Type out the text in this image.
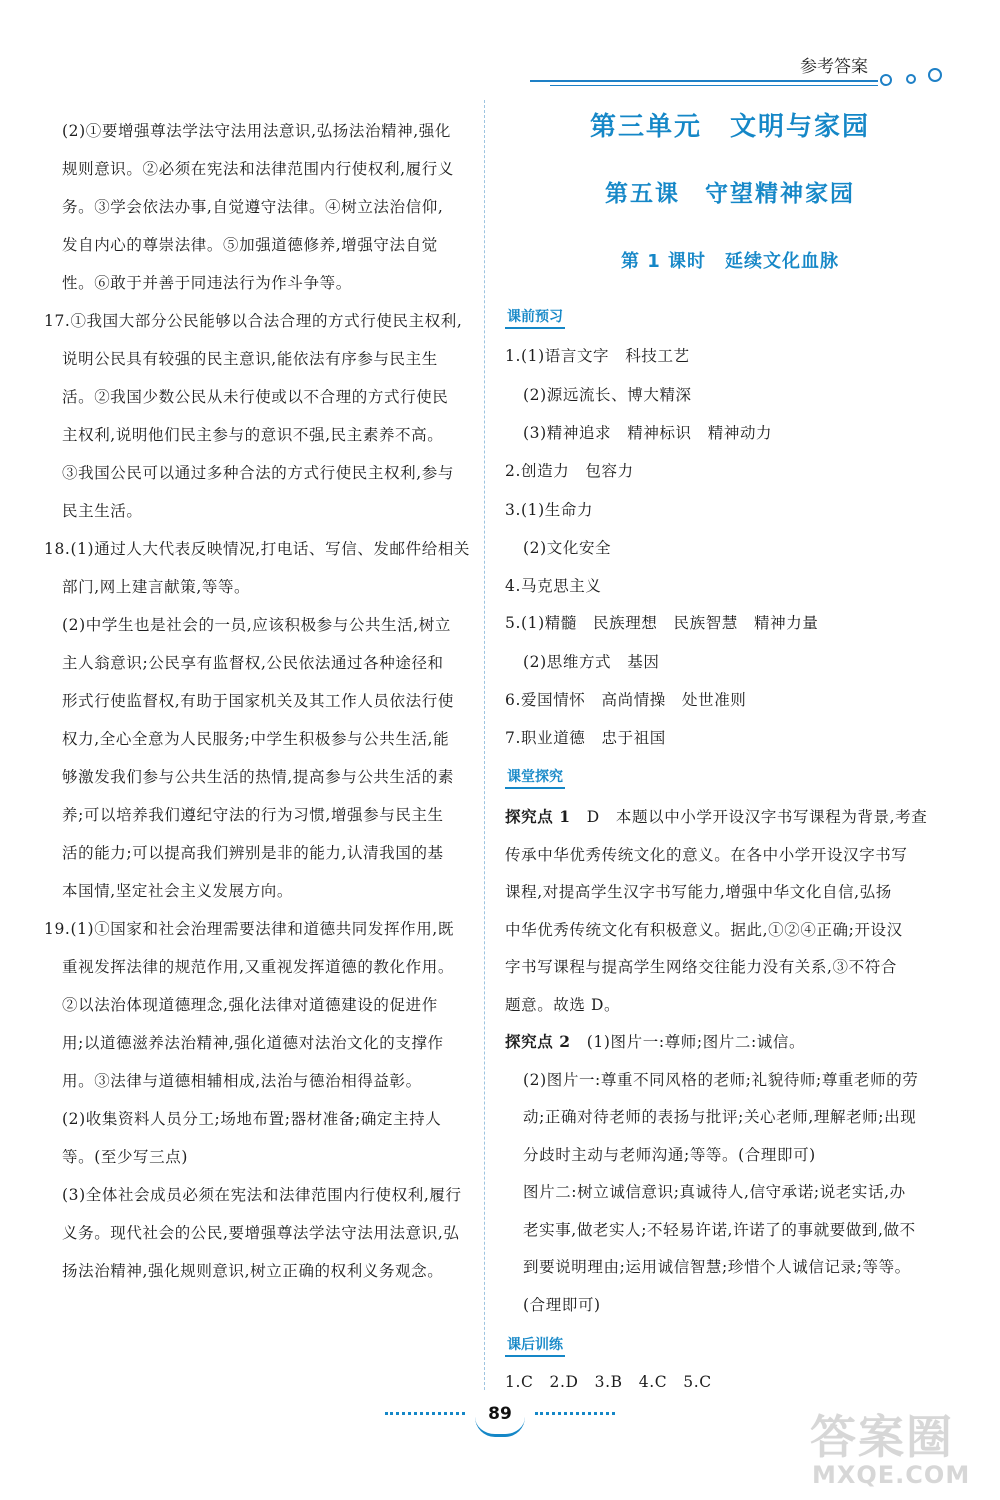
参考答案
(2)①要增强尊法学法守法用法意识,弘扬法治精神,强化
规则意识。②必须在宪法和法律范围内行使权利,履行义
务。③学会依法办事,自觉遵守法律。④树立法治信仰,
发自内心的尊崇法律。⑤加强道德修养,增强守法自觉
性。⑥敢于并善于同违法行为作斗争等。
17.①我国大部分公民能够以合法合理的方式行使民主权利,
说明公民具有较强的民主意识,能依法有序参与民主生
活。②我国少数公民从未行使或以不合理的方式行使民
主权利,说明他们民主参与的意识不强,民主素养不高。
③我国公民可以通过多种合法的方式行使民主权利,参与
民主生活。
18.(1)通过人大代表反映情况,打电话、写信、发邮件给相关
部门,网上建言献策,等等。
(2)中学生也是社会的一员,应该积极参与公共生活,树立
主人翁意识;公民享有监督权,公民依法通过各种途径和
形式行使监督权,有助于国家机关及其工作人员依法行使
权力,全心全意为人民服务;中学生积极参与公共生活,能
够激发我们参与公共生活的热情,提高参与公共生活的素
养;可以培养我们遵纪守法的行为习惯,增强参与民主生
活的能力;可以提高我们辨别是非的能力,认清我国的基
本国情,坚定社会主义发展方向。
19.(1)①国家和社会治理需要法律和道德共同发挥作用,既
重视发挥法律的规范作用,又重视发挥道德的教化作用。
②以法治体现道德理念,强化法律对道德建设的促进作
用;以道德滋养法治精神,强化道德对法治文化的支撑作
用。③法律与道德相辅相成,法治与德治相得益彰。
(2)收集资料人员分工;场地布置;器材准备;确定主持人
等。(至少写三点)
(3)全体社会成员必须在宪法和法律范围内行使权利,履行
义务。现代社会的公民,要增强尊法学法守法用法意识,弘
扬法治精神,强化规则意识,树立正确的权利义务观念。
第三单元　文明与家园
第五课　守望精神家园
第 1 课时　延续文化血脉
课前预习
1.(1)语言文字　科技工艺
(2)源远流长、博大精深
(3)精神追求　精神标识　精神动力
2.创造力　包容力
3.(1)生命力
(2)文化安全
4.马克思主义
5.(1)精髓　民族理想　民族智慧　精神力量
(2)思维方式　基因
6.爱国情怀　高尚情操　处世准则
7.职业道德　忠于祖国
课堂探究
探究点 1　D　本题以中小学开设汉字书写课程为背景,考查
传承中华优秀传统文化的意义。在各中小学开设汉字书写
课程,对提高学生汉字书写能力,增强中华文化自信,弘扬
中华优秀传统文化有积极意义。据此,①②④正确;开设汉
字书写课程与提高学生网络交往能力没有关系,③不符合
题意。故选 D。
探究点 2　(1)图片一:尊师;图片二:诚信。
(2)图片一:尊重不同风格的老师;礼貌待师;尊重老师的劳
动;正确对待老师的表扬与批评;关心老师,理解老师;出现
分歧时主动与老师沟通;等等。(合理即可)
图片二:树立诚信意识;真诚待人,信守承诺;说老实话,办
老实事,做老实人;不轻易许诺,许诺了的事就要做到,做不
到要说明理由;运用诚信智慧;珍惜个人诚信记录;等等。
(合理即可)
课后训练
1.C　2.D　3.B　4.C　5.C
89	答案圈
MXQE.COM
